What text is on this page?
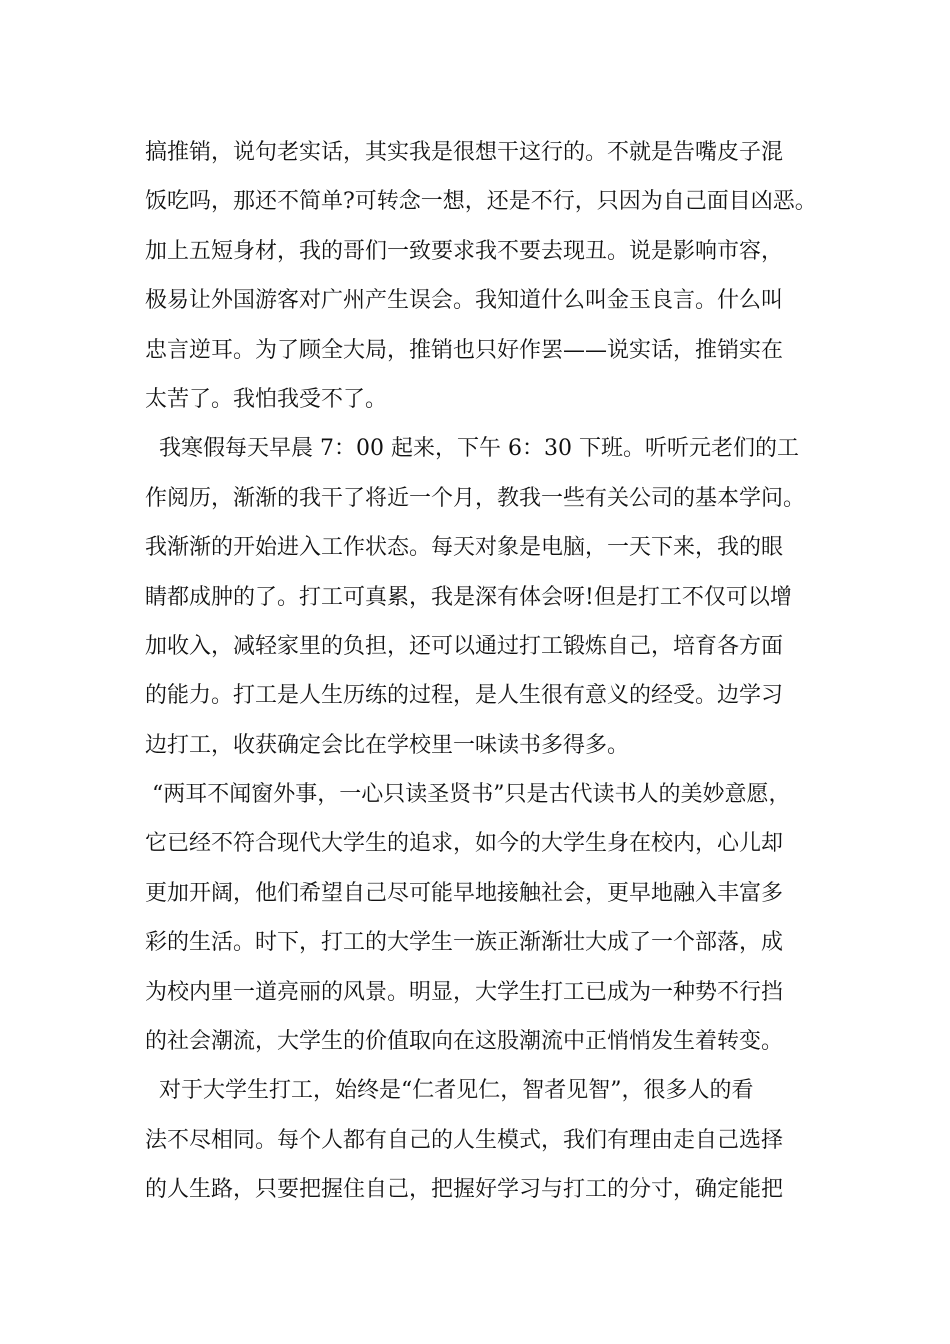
搞推销，说句老实话，其实我是很想干这行的。不就是告嘴皮子混
饭吃吗，那还不简单?可转念一想，还是不行，只因为自己面目凶恶。
加上五短身材，我的哥们一致要求我不要去现丑。说是影响市容，
极易让外国游客对广州产生误会。我知道什么叫金玉良言。什么叫
忠言逆耳。为了顾全大局，推销也只好作罢——说实话，推销实在
太苦了。我怕我受不了。
我寒假每天早晨 7：00 起来，下午 6：30 下班。听听元老们的工
作阅历，渐渐的我干了将近一个月，教我一些有关公司的基本学问。
我渐渐的开始进入工作状态。每天对象是电脑，一天下来，我的眼
睛都成肿的了。打工可真累，我是深有体会呀!但是打工不仅可以增
加收入，减轻家里的负担，还可以通过打工锻炼自己，培育各方面
的能力。打工是人生历练的过程，是人生很有意义的经受。边学习
边打工，收获确定会比在学校里一味读书多得多。
“两耳不闻窗外事，一心只读圣贤书”只是古代读书人的美妙意愿，
它已经不符合现代大学生的追求，如今的大学生身在校内，心儿却
更加开阔，他们希望自己尽可能早地接触社会，更早地融入丰富多
彩的生活。时下，打工的大学生一族正渐渐壮大成了一个部落，成
为校内里一道亮丽的风景。明显，大学生打工已成为一种势不行挡
的社会潮流，大学生的价值取向在这股潮流中正悄悄发生着转变。
对于大学生打工，始终是“仁者见仁，智者见智”，很多人的看
法不尽相同。每个人都有自己的人生模式，我们有理由走自己选择
的人生路，只要把握住自己，把握好学习与打工的分寸，确定能把
